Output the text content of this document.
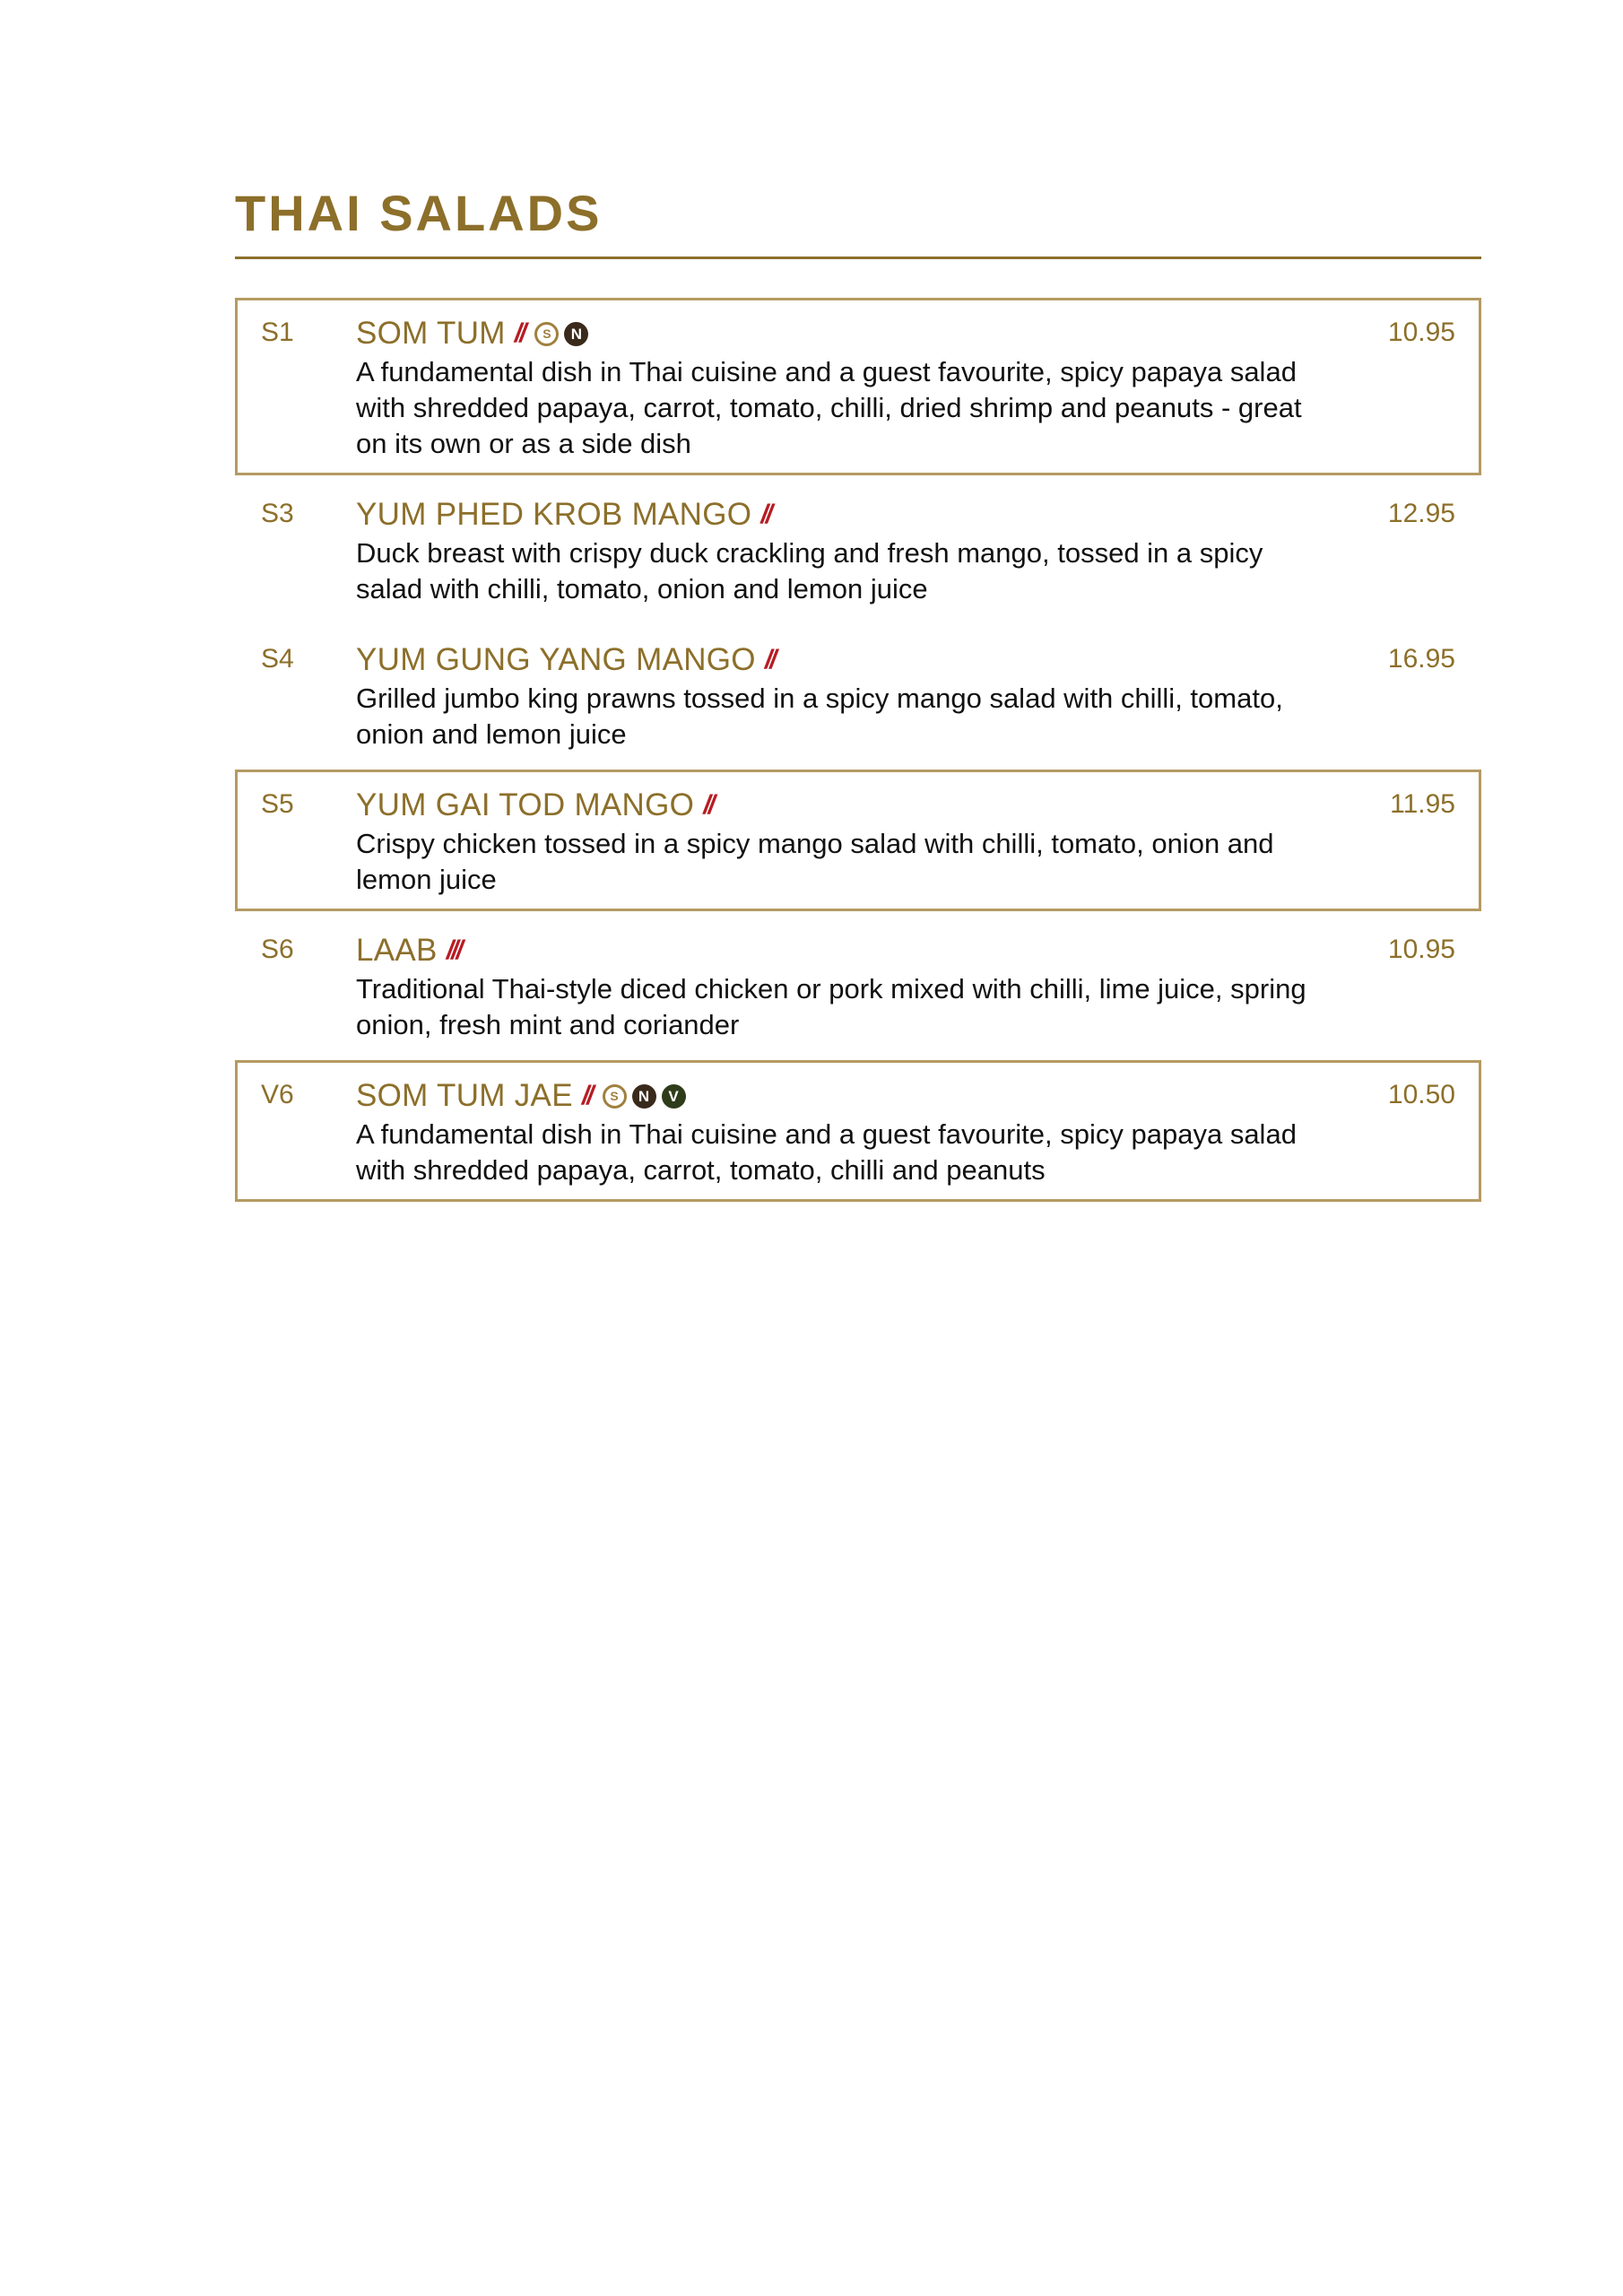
THAI SALADS
S1	SOM TUM //	S	N
A fundamental dish in Thai cuisine and a guest favourite, spicy papaya salad with shredded papaya, carrot, tomato, chilli, dried shrimp and peanuts - great on its own or as a side dish
10.95
S3	YUM PHED KROB MANGO //
Duck breast with crispy duck crackling and fresh mango, tossed in a spicy salad with chilli, tomato, onion and lemon juice
12.95
S4	YUM GUNG YANG MANGO //
Grilled jumbo king prawns tossed in a spicy mango salad with chilli, tomato, onion and lemon juice
16.95
S5	YUM GAI TOD MANGO //
Crispy chicken tossed in a spicy mango salad with chilli, tomato, onion and lemon juice
11.95
S6	LAAB ///
Traditional Thai-style diced chicken or pork mixed with chilli, lime juice, spring onion, fresh mint and coriander
10.95
V6	SOM TUM JAE //	S	N	V
A fundamental dish in Thai cuisine and a guest favourite, spicy papaya salad with shredded papaya, carrot, tomato, chilli and peanuts
10.50
